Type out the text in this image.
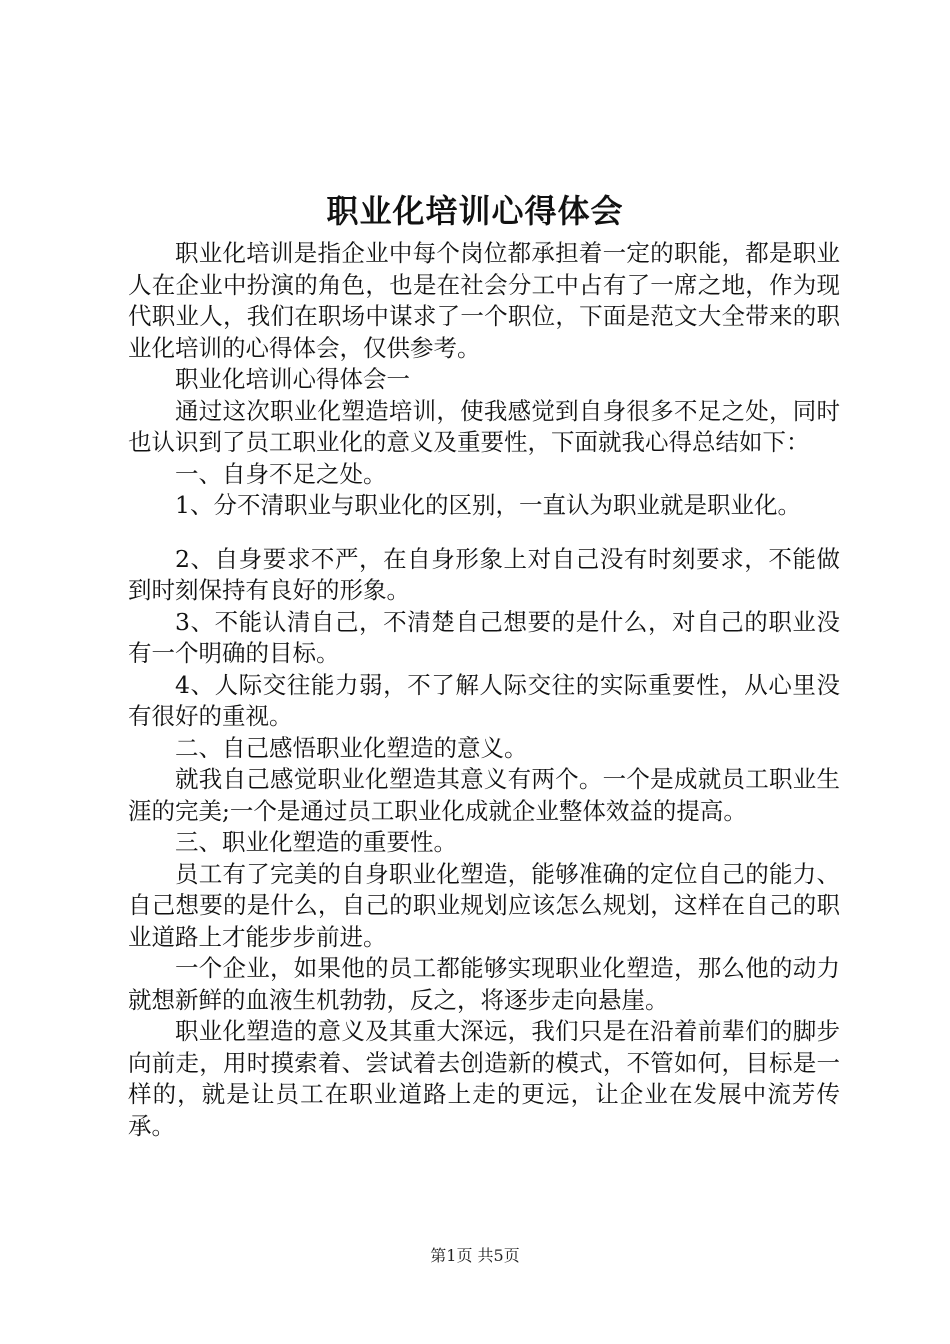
职业化培训心得体会

职业化培训是指企业中每个岗位都承担着一定的职能，都是职业人在企业中扮演的角色，也是在社会分工中占有了一席之地，作为现代职业人，我们在职场中谋求了一个职位，下面是范文大全带来的职业化培训的心得体会，仅供参考。

职业化培训心得体会一

通过这次职业化塑造培训，使我感觉到自身很多不足之处，同时也认识到了员工职业化的意义及重要性，下面就我心得总结如下：

一、自身不足之处。

1、分不清职业与职业化的区别，一直认为职业就是职业化。

2、自身要求不严，在自身形象上对自己没有时刻要求，不能做到时刻保持有良好的形象。

3、不能认清自己，不清楚自己想要的是什么，对自己的职业没有一个明确的目标。

4、人际交往能力弱，不了解人际交往的实际重要性，从心里没有很好的重视。

二、自己感悟职业化塑造的意义。

就我自己感觉职业化塑造其意义有两个。一个是成就员工职业生涯的完美;一个是通过员工职业化成就企业整体效益的提高。

三、职业化塑造的重要性。

员工有了完美的自身职业化塑造，能够准确的定位自己的能力、自己想要的是什么，自己的职业规划应该怎么规划，这样在自己的职业道路上才能步步前进。

一个企业，如果他的员工都能够实现职业化塑造，那么他的动力就想新鲜的血液生机勃勃，反之，将逐步走向悬崖。

职业化塑造的意义及其重大深远，我们只是在沿着前辈们的脚步向前走，用时摸索着、尝试着去创造新的模式，不管如何，目标是一样的，就是让员工在职业道路上走的更远，让企业在发展中流芳传承。

第1页 共5页
